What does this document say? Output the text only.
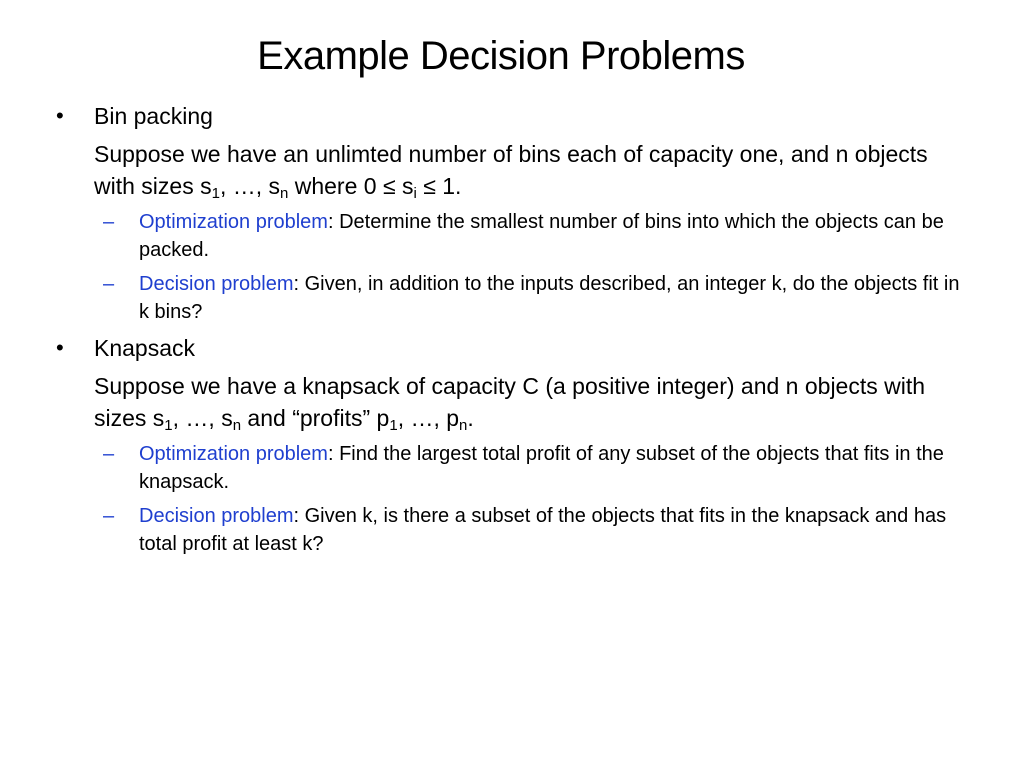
Example Decision Problems
• Bin packing
Suppose we have an unlimted number of bins each of capacity one, and n objects with sizes $s_1$, …, $s_n$ where $0 \le s_i \le 1$.
– Optimization problem: Determine the smallest number of bins into which the objects can be packed.
– Decision problem: Given, in addition to the inputs described, an integer k, do the objects fit in k bins?
• Knapsack
Suppose we have a knapsack of capacity C (a positive integer) and n objects with sizes $s_1$, …, $s_n$ and “profits” $p_1$, …, $p_n$.
– Optimization problem: Find the largest total profit of any subset of the objects that fits in the knapsack.
– Decision problem: Given k, is there a subset of the objects that fits in the knapsack and has total profit at least k?
